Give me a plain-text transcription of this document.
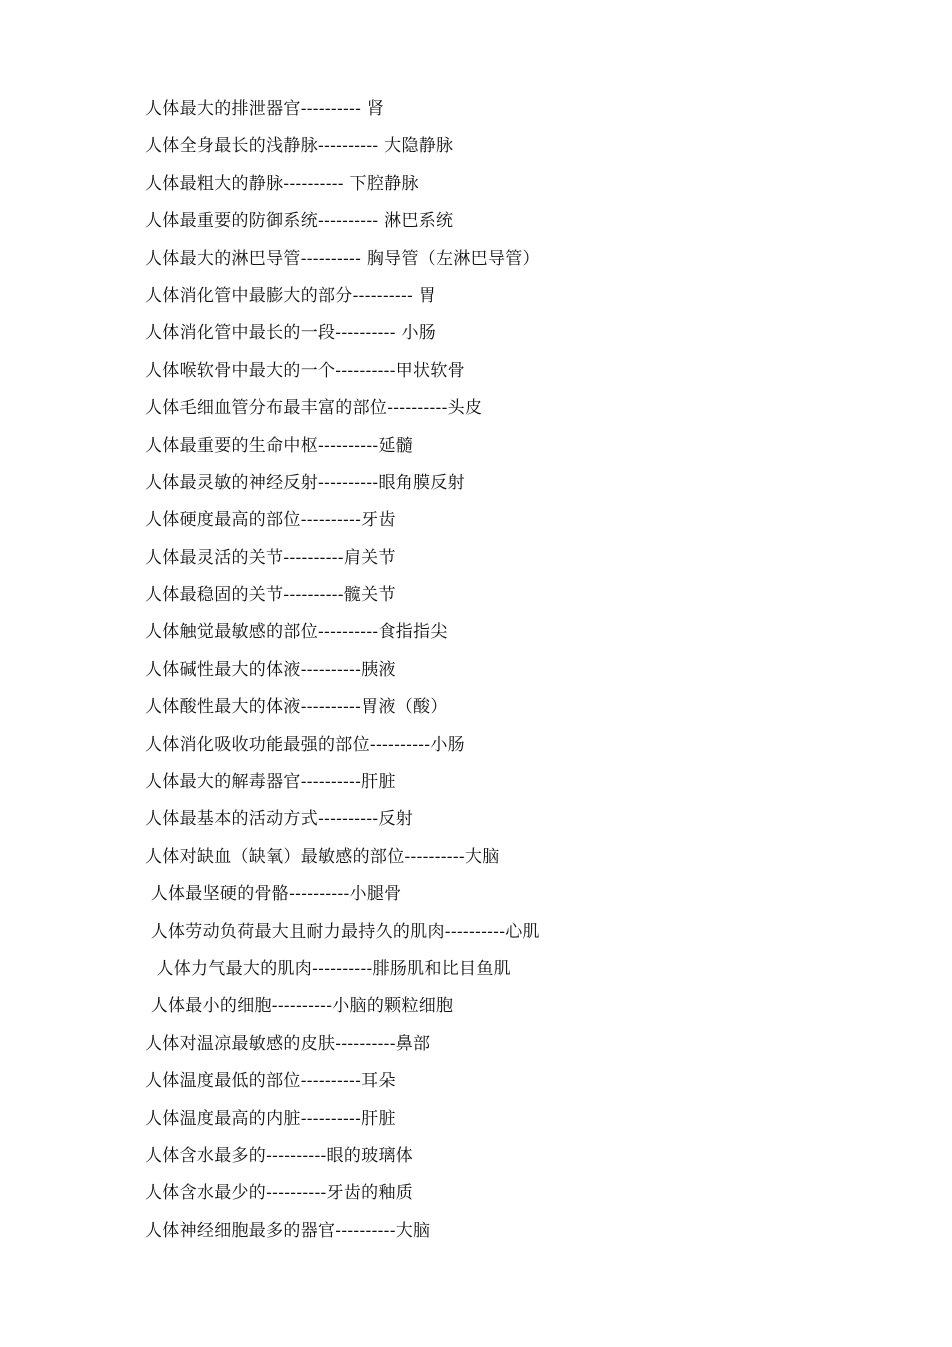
人体最大的排泄器官---------- 肾
人体全身最长的浅静脉---------- 大隐静脉
人体最粗大的静脉---------- 下腔静脉
人体最重要的防御系统---------- 淋巴系统
人体最大的淋巴导管---------- 胸导管（左淋巴导管）
人体消化管中最膨大的部分---------- 胃
人体消化管中最长的一段---------- 小肠
人体喉软骨中最大的一个----------甲状软骨
人体毛细血管分布最丰富的部位----------头皮
人体最重要的生命中枢----------延髓
人体最灵敏的神经反射----------眼角膜反射
人体硬度最高的部位----------牙齿
人体最灵活的关节----------肩关节
人体最稳固的关节----------髋关节
人体触觉最敏感的部位----------食指指尖
人体碱性最大的体液----------胰液
人体酸性最大的体液----------胃液（酸）
人体消化吸收功能最强的部位----------小肠
人体最大的解毒器官----------肝脏
人体最基本的活动方式----------反射
人体对缺血（缺氧）最敏感的部位----------大脑
人体最坚硬的骨骼----------小腿骨
人体劳动负荷最大且耐力最持久的肌肉----------心肌
人体力气最大的肌肉----------腓肠肌和比目鱼肌
人体最小的细胞----------小脑的颗粒细胞
人体对温凉最敏感的皮肤----------鼻部
人体温度最低的部位----------耳朵
人体温度最高的内脏----------肝脏
人体含水最多的----------眼的玻璃体
人体含水最少的----------牙齿的釉质
人体神经细胞最多的器官----------大脑
